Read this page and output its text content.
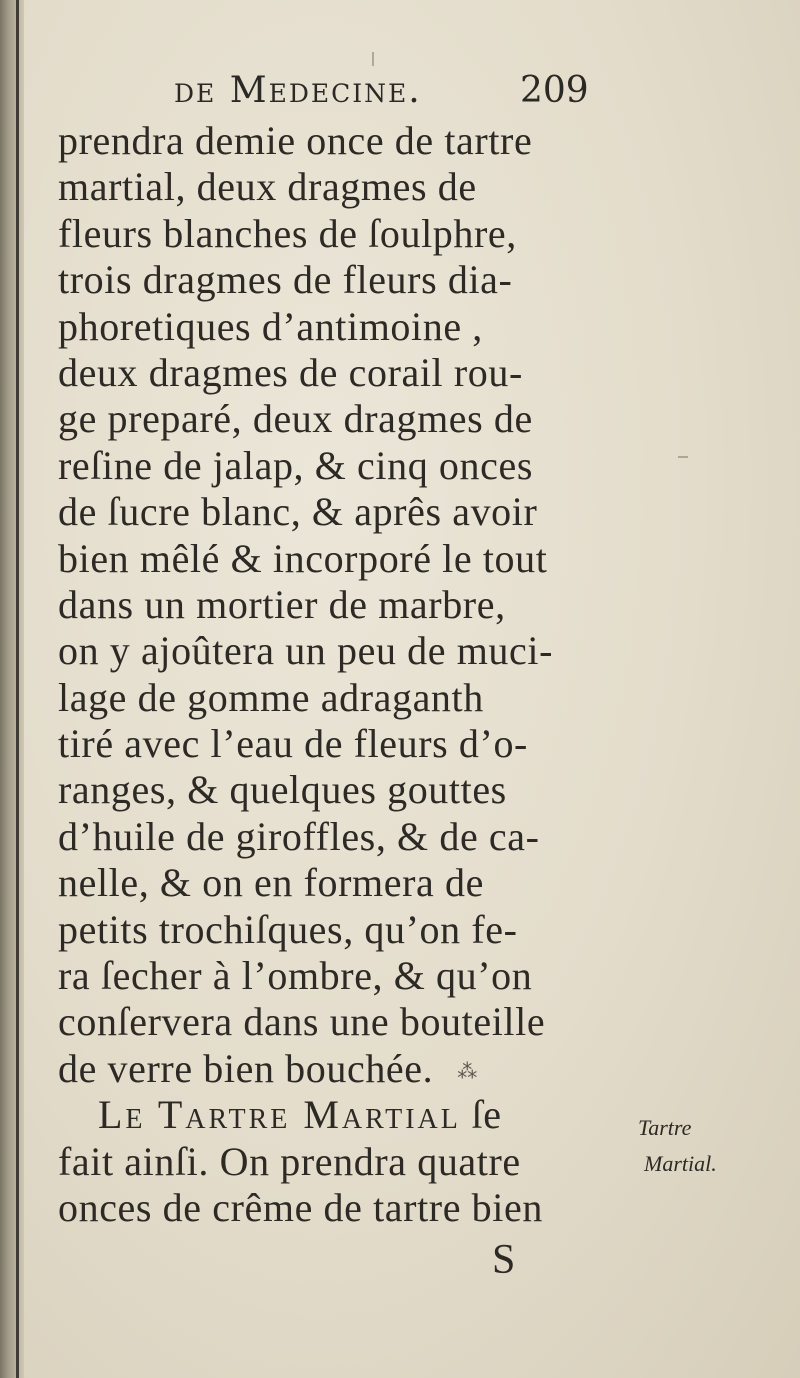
de Medecine.	209
prendra demie once de tartre
martial, deux dragmes de
fleurs blanches de ſoulphre,
trois dragmes de fleurs dia-
phoretiques d’antimoine ,
deux dragmes de corail rou-
ge preparé, deux dragmes de
reſine de jalap, & cinq onces
de ſucre blanc, & aprês avoir
bien mêlé & incorporé le tout
dans un mortier de marbre,
on y ajoûtera un peu de muci-
lage de gomme adraganth
tiré avec l’eau de fleurs d’o-
ranges, & quelques gouttes
d’huile de giroffles, & de ca-
nelle, & on en formera de
petits trochiſques, qu’on fe-
ra ſecher à l’ombre, & qu’on
conſervera dans une bouteille
de verre bien bouchée. ⁂
Le Tartre Martial ſe
fait ainſi. On prendra quatre
onces de crême de tartre bien
Tartre
Martial.
S
